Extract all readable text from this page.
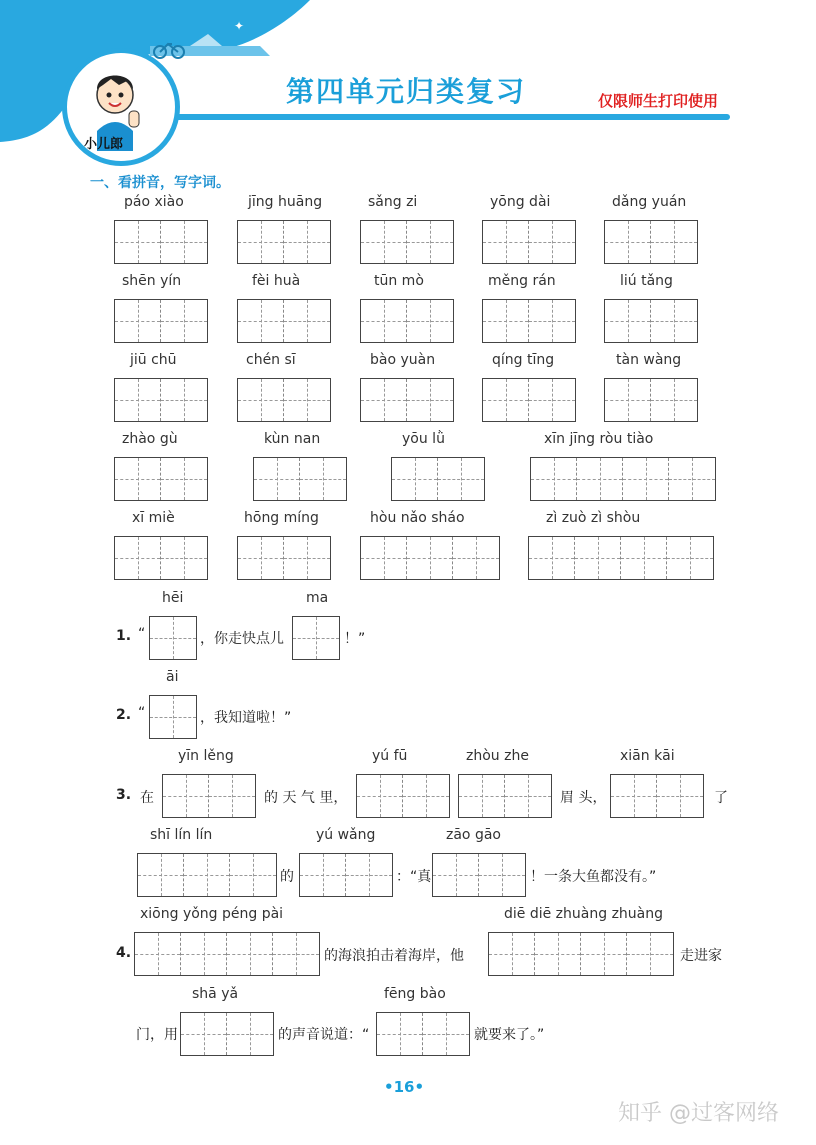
✦
小儿郎
第四单元归类复习	仅限师生打印使用
一、看拼音，写字词。
páo xiào	jīng huāng	sǎng zi	yōng dài	dǎng yuán
shēn yín	fèi huà	tūn mò	měng rán	liú tǎng
jiū chū	chén sī	bào yuàn	qíng tīng	tàn wàng
zhào gù	kùn nan	yōu lǜ	xīn jīng ròu tiào
xī miè	hōng míng	hòu nǎo sháo	zì zuò zì shòu
hēi	ma
1. “	，你走快点儿	！”
āi
2. “	，我知道啦！”
yīn lěng	yú fū	zhòu zhe	xiān kāi
3. 在	的 天 气 里，	眉 头，	了
shī lín lín	yú wǎng	zāo gāo
的	：“真	！一条大鱼都没有。”
xiōng yǒng péng pài	diē diē zhuàng zhuàng
4.	的海浪拍击着海岸，他	走进家
shā yǎ	fēng bào
门，用	的声音说道：“	就要来了。”
•16•
知乎 @过客网络
